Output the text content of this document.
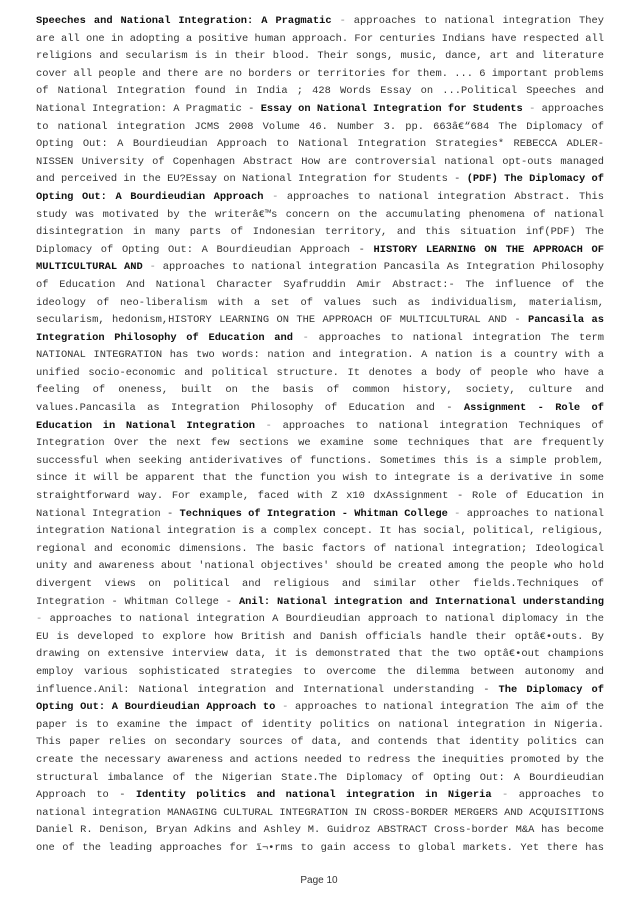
Speeches and National Integration: A Pragmatic - approaches to national integration They are all one in adopting a positive human approach. For centuries Indians have respected all religions and secularism is in their blood. Their songs, music, dance, art and literature cover all people and there are no borders or territories for them. ... 6 important problems of National Integration found in India ; 428 Words Essay on ...Political Speeches and National Integration: A Pragmatic - Essay on National Integration for Students - approaches to national integration JCMS 2008 Volume 46. Number 3. pp. 663â€“684 The Diplomacy of Opting Out: A Bourdieudian Approach to National Integration Strategies* REBECCA ADLER-NISSEN University of Copenhagen Abstract How are controversial national opt-outs managed and perceived in the EU?Essay on National Integration for Students - (PDF) The Diplomacy of Opting Out: A Bourdieudian Approach - approaches to national integration Abstract. This study was motivated by the writerâ€™s concern on the accumulating phenomena of national disintegration in many parts of Indonesian territory, and this situation inf(PDF) The Diplomacy of Opting Out: A Bourdieudian Approach - HISTORY LEARNING ON THE APPROACH OF MULTICULTURAL AND - approaches to national integration Pancasila As Integration Philosophy of Education And National Character Syafruddin Amir Abstract:- The influence of the ideology of neo-liberalism with a set of values such as individualism, materialism, secularism, hedonism,HISTORY LEARNING ON THE APPROACH OF MULTICULTURAL AND - Pancasila as Integration Philosophy of Education and - approaches to national integration The term NATIONAL INTEGRATION has two words: nation and integration. A nation is a country with a unified socio-economic and political structure. It denotes a body of people who have a feeling of oneness, built on the basis of common history, society, culture and values.Pancasila as Integration Philosophy of Education and - Assignment - Role of Education in National Integration - approaches to national integration Techniques of Integration Over the next few sections we examine some techniques that are frequently successful when seeking antiderivatives of functions. Sometimes this is a simple problem, since it will be apparent that the function you wish to integrate is a derivative in some straightforward way. For example, faced with Z x10 dxAssignment - Role of Education in National Integration - Techniques of Integration - Whitman College - approaches to national integration National integration is a complex concept. It has social, political, religious, regional and economic dimensions. The basic factors of national integration; Ideological unity and awareness about 'national objectives' should be created among the people who hold divergent views on political and religious and similar other fields.Techniques of Integration - Whitman College - Anil: National integration and International understanding - approaches to national integration A Bourdieudian approach to national diplomacy in the EU is developed to explore how British and Danish officials handle their optâ€•outs. By drawing on extensive interview data, it is demonstrated that the two optâ€•out champions employ various sophisticated strategies to overcome the dilemma between autonomy and influence.Anil: National integration and International understanding - The Diplomacy of Opting Out: A Bourdieudian Approach to - approaches to national integration The aim of the paper is to examine the impact of identity politics on national integration in Nigeria. This paper relies on secondary sources of data, and contends that identity politics can create the necessary awareness and actions needed to redress the inequities promoted by the structural imbalance of the Nigerian State.The Diplomacy of Opting Out: A Bourdieudian Approach to - Identity politics and national integration in Nigeria - approaches to national integration MANAGING CULTURAL INTEGRATION IN CROSS-BORDER MERGERS AND ACQUISITIONS Daniel R. Denison, Bryan Adkins and Ashley M. Guidroz ABSTRACT Cross-border M&A has become one of the leading approaches for ï¬•rms to gain access to global markets. Yet there has
Page 10
